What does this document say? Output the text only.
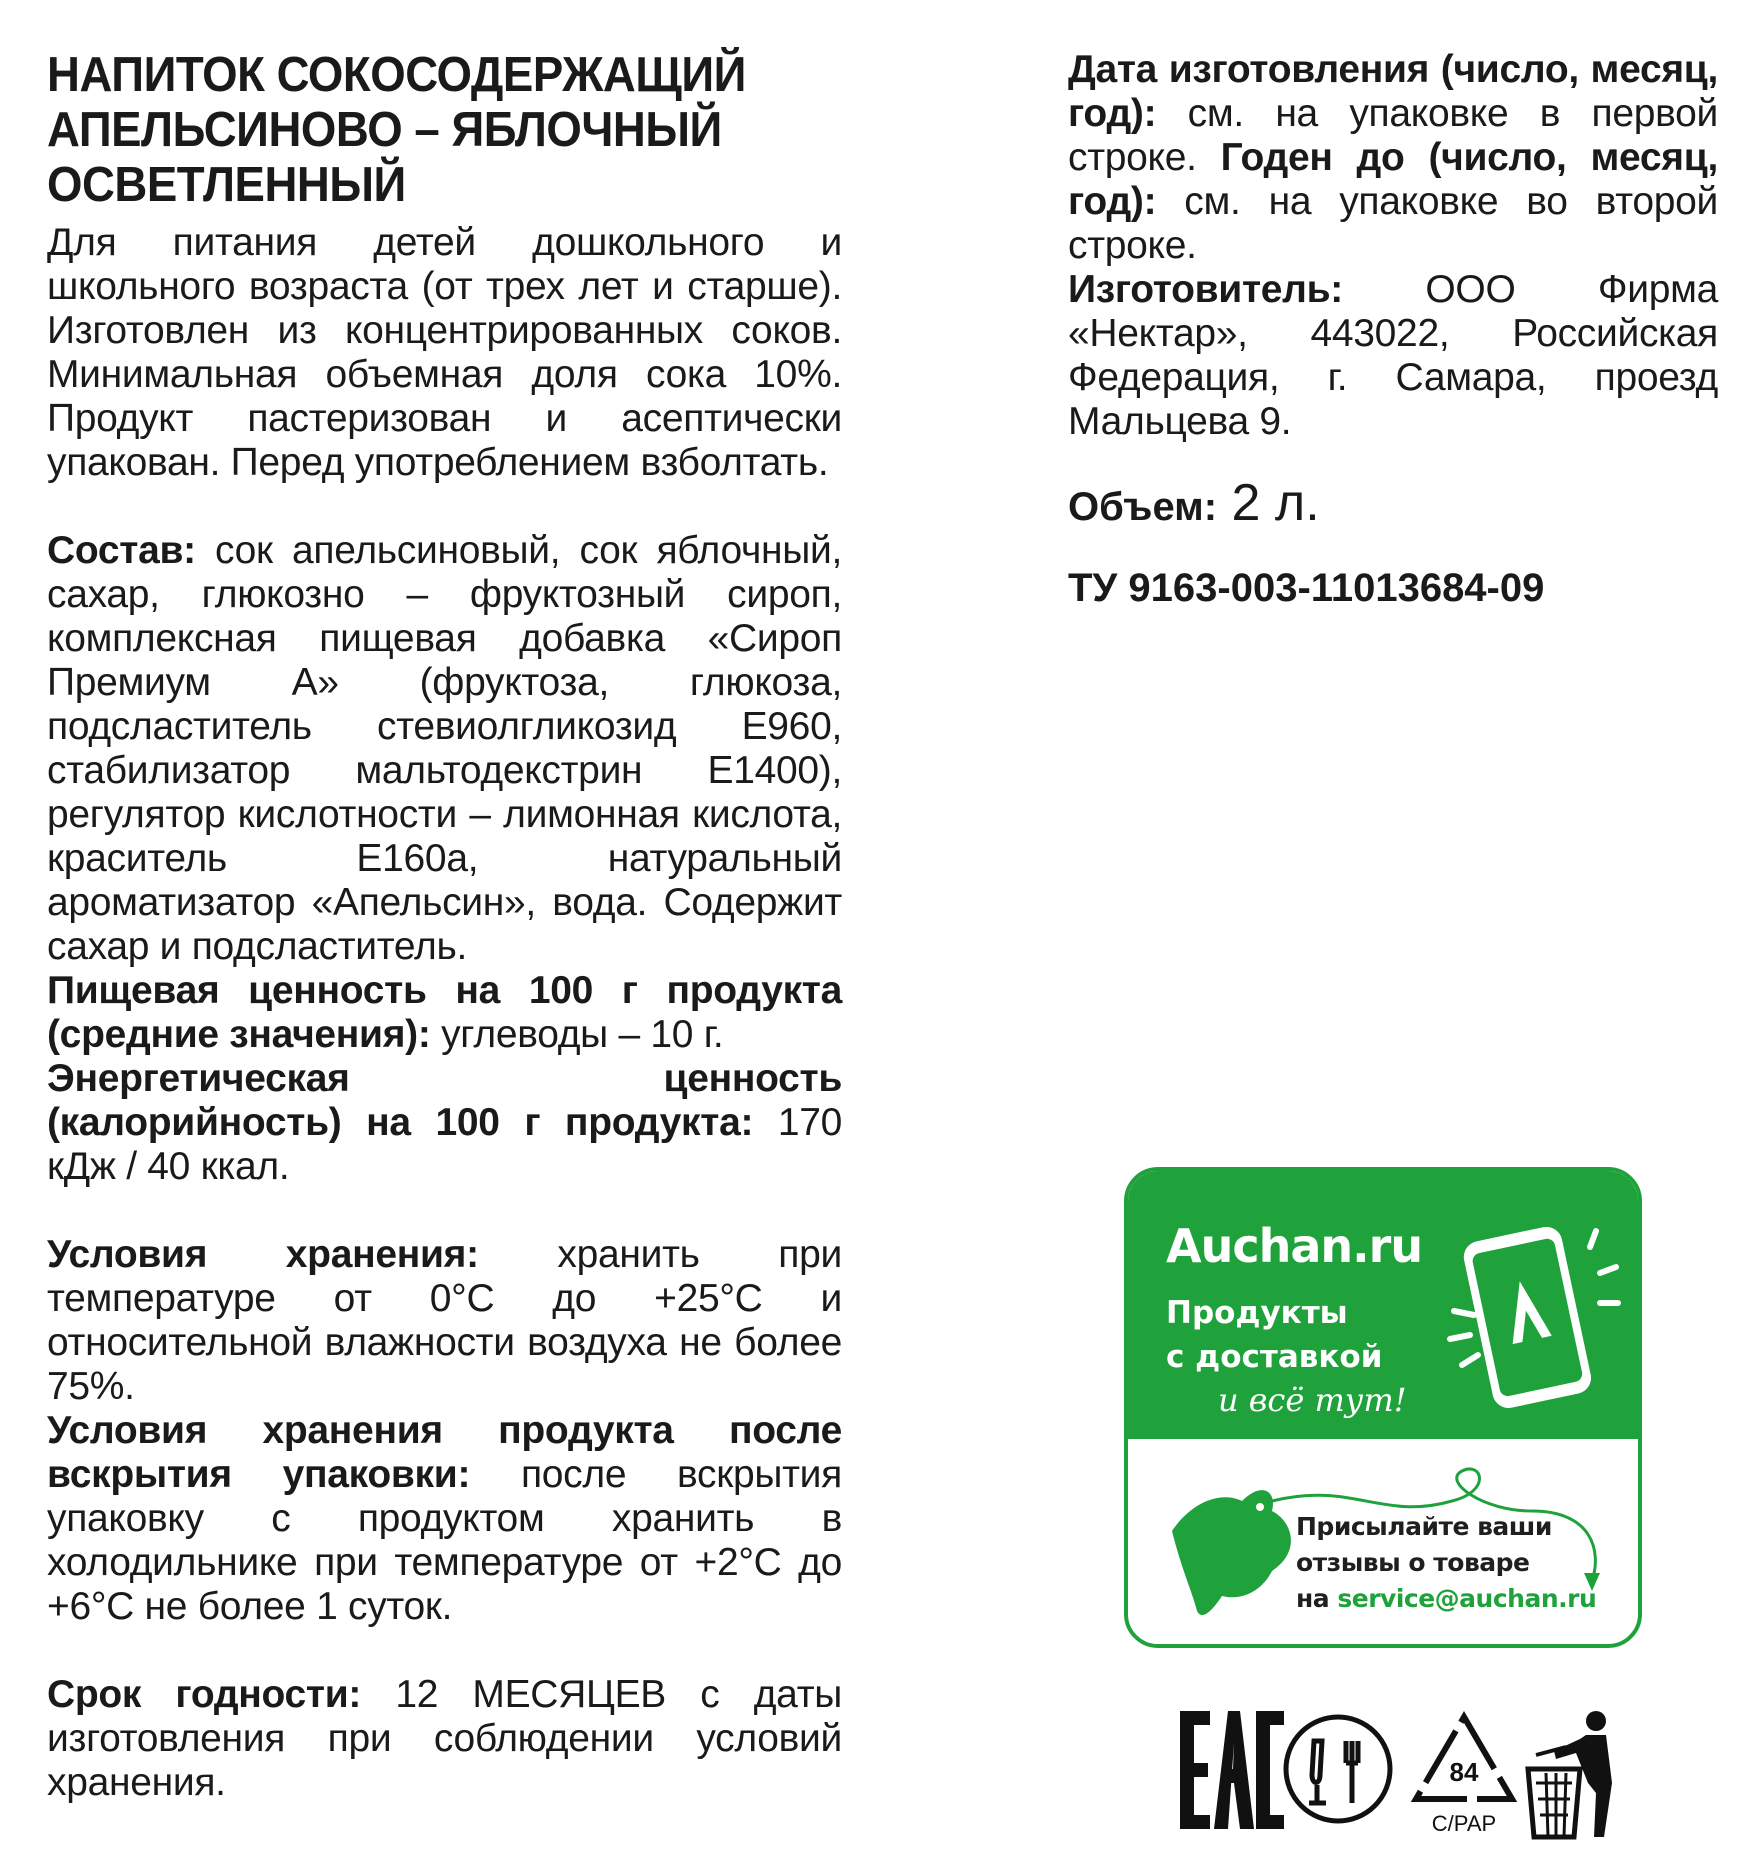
НАПИТОК СОКОСОДЕРЖАЩИЙ АПЕЛЬСИНОВО – ЯБЛОЧНЫЙ ОСВЕТЛЕННЫЙ

Для питания детей дошкольного и школьного возраста (от трех лет и старше). Изготовлен из концентрированных соков. Минимальная объемная доля сока 10%. Продукт пастеризован и асептически упакован. Перед употреблением взболтать.

Состав: сок апельсиновый, сок яблочный, сахар, глюкозно – фруктозный сироп, комплексная пищевая добавка «Сироп Премиум А» (фруктоза, глюкоза, подсластитель стевиолгликозид Е960, стабилизатор мальтодекстрин Е1400), регулятор кислотности – лимонная кислота, краситель Е160а, натуральный ароматизатор «Апельсин», вода. Содержит сахар и подсластитель.

Пищевая ценность на 100 г продукта (средние значения): углеводы – 10 г.

Энергетическая ценность (калорийность) на 100 г продукта: 170 кДж / 40 ккал.

Условия хранения: хранить при температуре от 0°С до +25°С и относительной влажности воздуха не более 75%.

Условия хранения продукта после вскрытия упаковки: после вскрытия упаковку с продуктом хранить в холодильнике при температуре от +2°С до +6°С не более 1 суток.

Срок годности: 12 МЕСЯЦЕВ с даты изготовления при соблюдении условий хранения.

Дата изготовления (число, месяц, год): см. на упаковке в первой строке. Годен до (число, месяц, год): см. на упаковке во второй строке.

Изготовитель: ООО Фирма «Нектар», 443022, Российская Федерация, г. Самара, проезд Мальцева 9.

Объем: 2 л.

ТУ 9163-003-11013684-09
Auchan.ru
Продукты
с доставкой
и всё тут!
Присылайте ваши
отзывы о товаре
на service@auchan.ru
84
C/PAP
